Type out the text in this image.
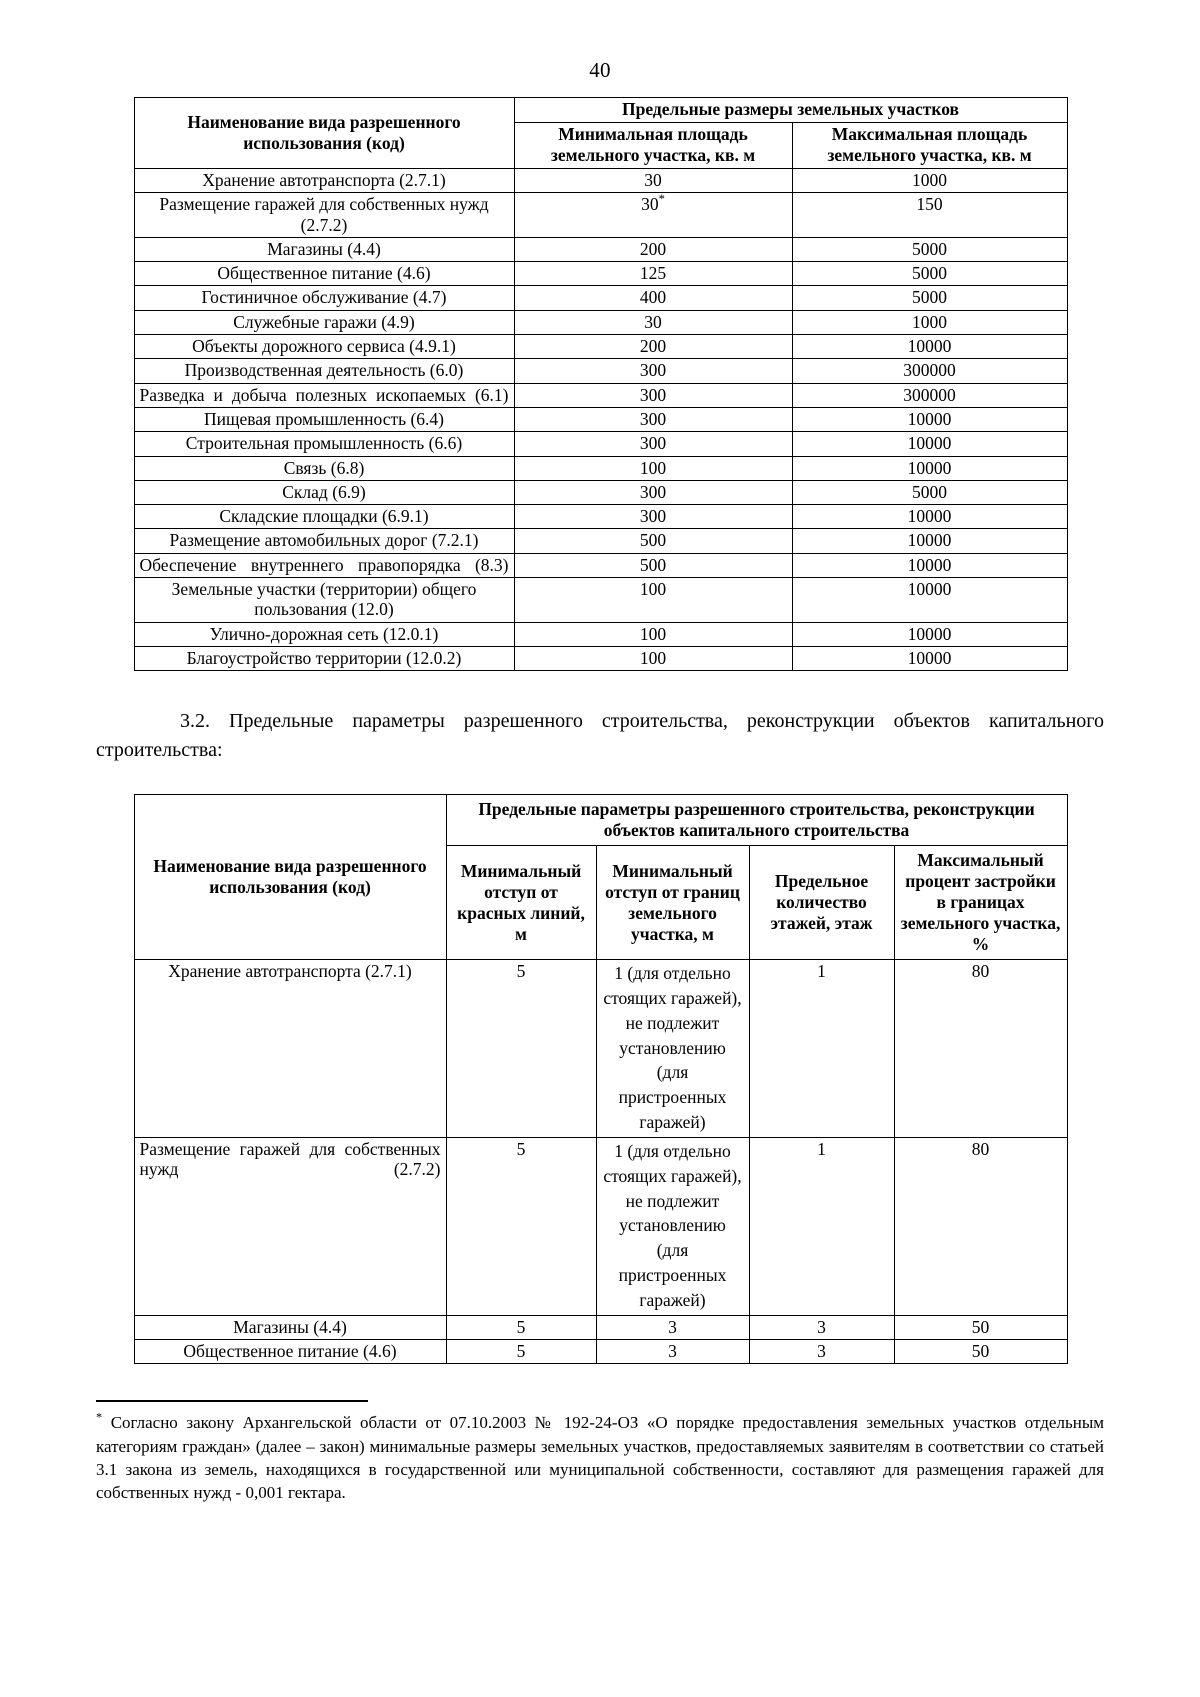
40
Наименование вида разрешенного использования (код)	Предельные размеры земельных участков	
	Минимальная площадь земельного участка, кв. м	Максимальная площадь земельного участка, кв. м
Хранение автотранспорта (2.7.1)	30	1000
Размещение гаражей для собственных нужд (2.7.2)	30*	150
Магазины (4.4)	200	5000
Общественное питание (4.6)	125	5000
Гостиничное обслуживание (4.7)	400	5000
Служебные гаражи (4.9)	30	1000
Объекты дорожного сервиса (4.9.1)	200	10000
Производственная деятельность (6.0)	300	300000
Разведка и добыча полезных ископаемых (6.1)	300	300000
Пищевая промышленность (6.4)	300	10000
Строительная промышленность (6.6)	300	10000
Связь (6.8)	100	10000
Склад (6.9)	300	5000
Складские площадки (6.9.1)	300	10000
Размещение автомобильных дорог (7.2.1)	500	10000
Обеспечение внутреннего правопорядка (8.3)	500	10000
Земельные участки (территории) общего пользования (12.0)	100	10000
Улично-дорожная сеть (12.0.1)	100	10000
Благоустройство территории (12.0.2)	100	10000

3.2. Предельные параметры разрешенного строительства, реконструкции объектов капитального строительства:

Наименование вида разрешенного использования (код)	Предельные параметры разрешенного строительства, реконструкции объектов капитального строительства			
	Минимальный отступ от красных линий, м	Минимальный отступ от границ земельного участка, м	Предельное количество этажей, этаж	Максимальный процент застройки в границах земельного участка, %
Хранение автотранспорта (2.7.1)	5	1 (для отдельно стоящих гаражей), не подлежит установлению (для пристроенных гаражей)	1	80
Размещение гаражей для собственных нужд (2.7.2)	5	1 (для отдельно стоящих гаражей), не подлежит установлению (для пристроенных гаражей)	1	80
Магазины (4.4)	5	3	3	50
Общественное питание (4.6)	5	3	3	50
* Согласно закону Архангельской области от 07.10.2003 № 192-24-ОЗ «О порядке предоставления земельных участков отдельным категориям граждан» (далее – закон) минимальные размеры земельных участков, предоставляемых заявителям в соответствии со статьей 3.1 закона из земель, находящихся в государственной или муниципальной собственности, составляют для размещения гаражей для собственных нужд - 0,001 гектара.
